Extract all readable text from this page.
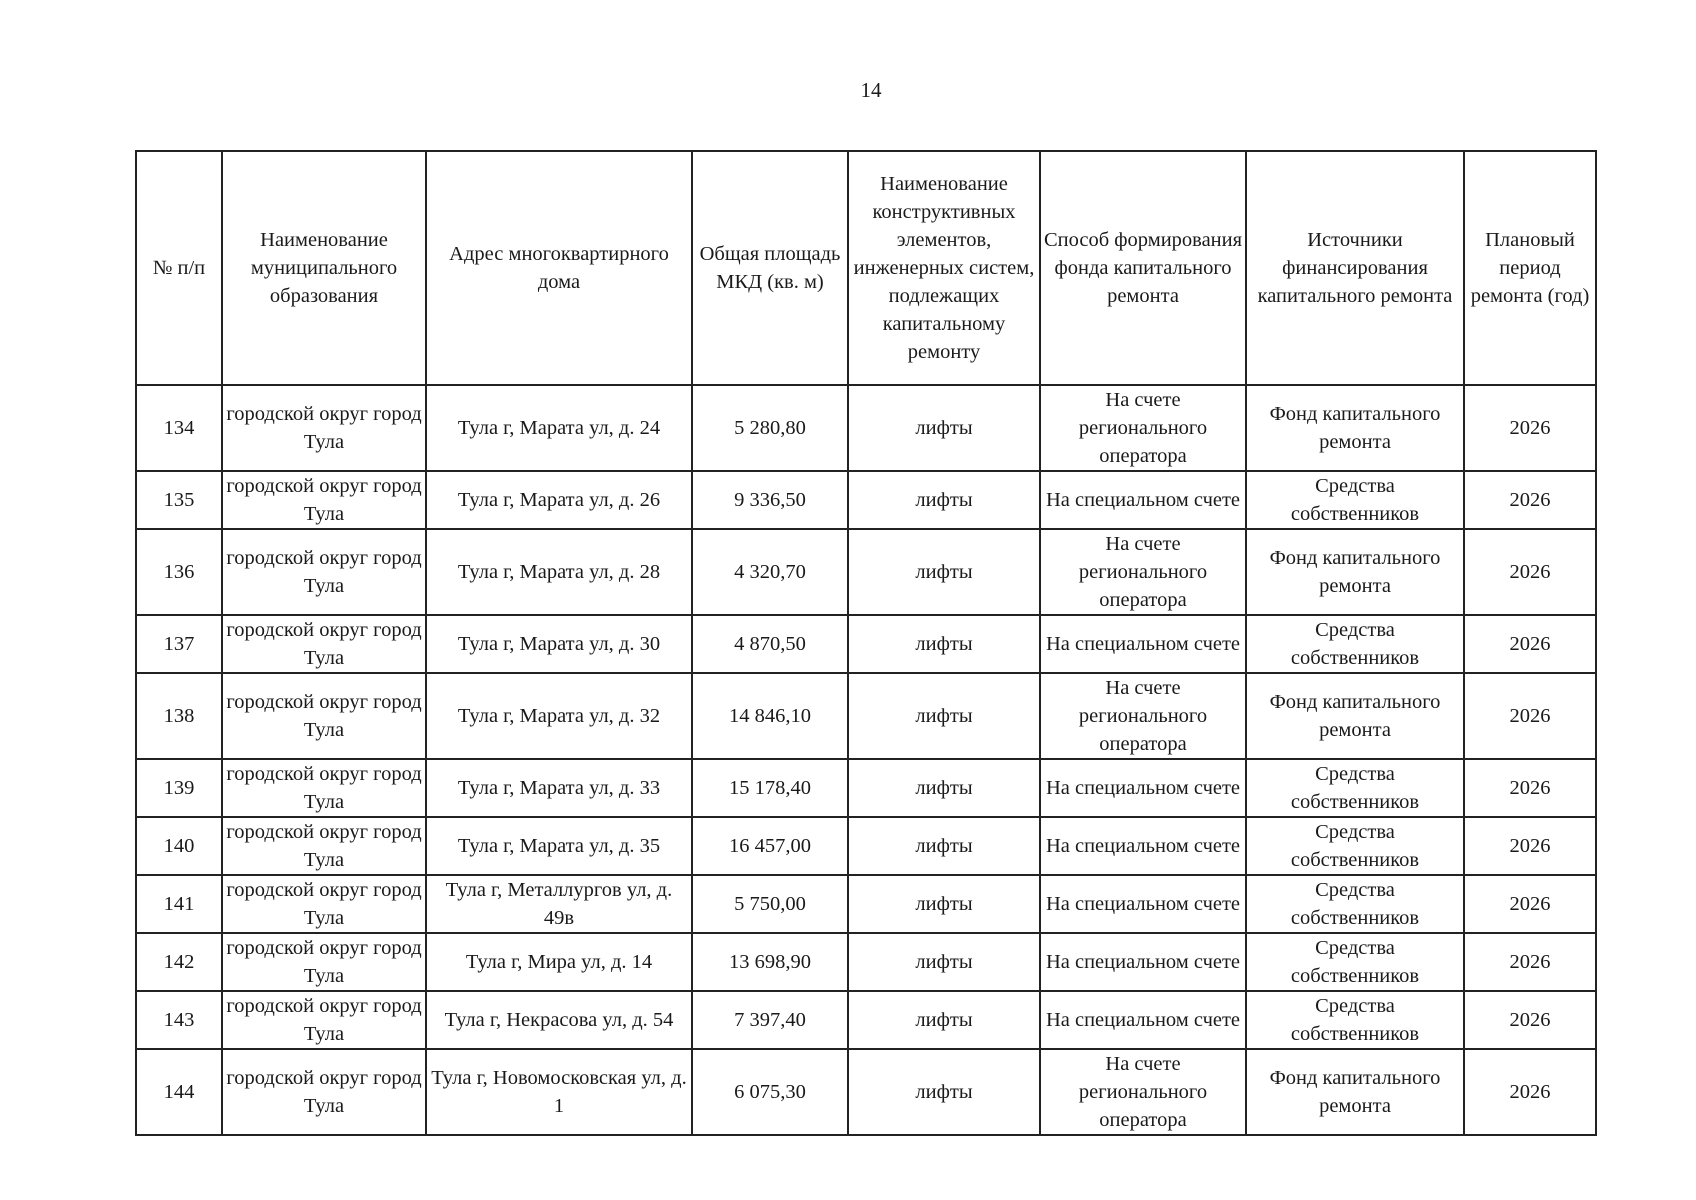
14
№ п/п	Наименование муниципального образования	Адрес многоквартирного дома	Общая площадь МКД (кв. м)	Наименование конструктивных элементов, инженерных систем, подлежащих капитальному ремонту	Способ формирования фонда капитального ремонта	Источники финансирования капитального ремонта	Плановый период ремонта (год)
134	городской округ город Тула	Тула г, Марата ул, д. 24	5 280,80	лифты	На счете регионального оператора	Фонд капитального ремонта	2026
135	городской округ город Тула	Тула г, Марата ул, д. 26	9 336,50	лифты	На специальном счете	Средства собственников	2026
136	городской округ город Тула	Тула г, Марата ул, д. 28	4 320,70	лифты	На счете регионального оператора	Фонд капитального ремонта	2026
137	городской округ город Тула	Тула г, Марата ул, д. 30	4 870,50	лифты	На специальном счете	Средства собственников	2026
138	городской округ город Тула	Тула г, Марата ул, д. 32	14 846,10	лифты	На счете регионального оператора	Фонд капитального ремонта	2026
139	городской округ город Тула	Тула г, Марата ул, д. 33	15 178,40	лифты	На специальном счете	Средства собственников	2026
140	городской округ город Тула	Тула г, Марата ул, д. 35	16 457,00	лифты	На специальном счете	Средства собственников	2026
141	городской округ город Тула	Тула г, Металлургов ул, д. 49в	5 750,00	лифты	На специальном счете	Средства собственников	2026
142	городской округ город Тула	Тула г, Мира ул, д. 14	13 698,90	лифты	На специальном счете	Средства собственников	2026
143	городской округ город Тула	Тула г, Некрасова ул, д. 54	7 397,40	лифты	На специальном счете	Средства собственников	2026
144	городской округ город Тула	Тула г, Новомосковская ул, д. 1	6 075,30	лифты	На счете регионального оператора	Фонд капитального ремонта	2026
